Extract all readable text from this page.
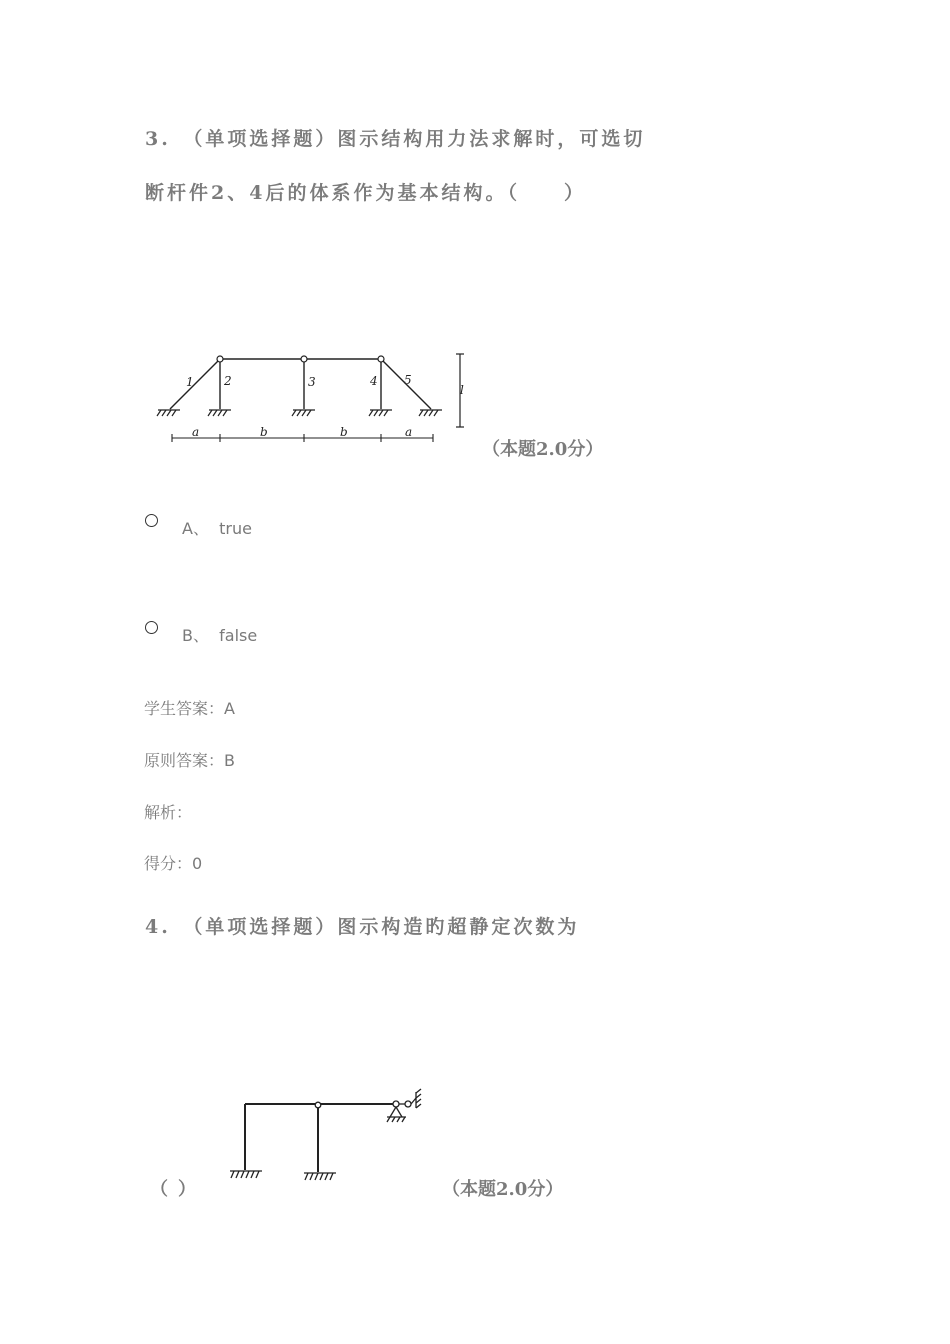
3.　（单项选择题）图示结构用力法求解时，可选切
断杆件2、4后的体系作为基本结构。（　　）
1	2	3	4 5
l
a	b	b	a
（本题2.0分）
A、 true
B、 false
学生答案：A
原则答案：B
解析：
得分：0
4.　（单项选择题）图示构造旳超静定次数为
（）	（本题2.0分）
